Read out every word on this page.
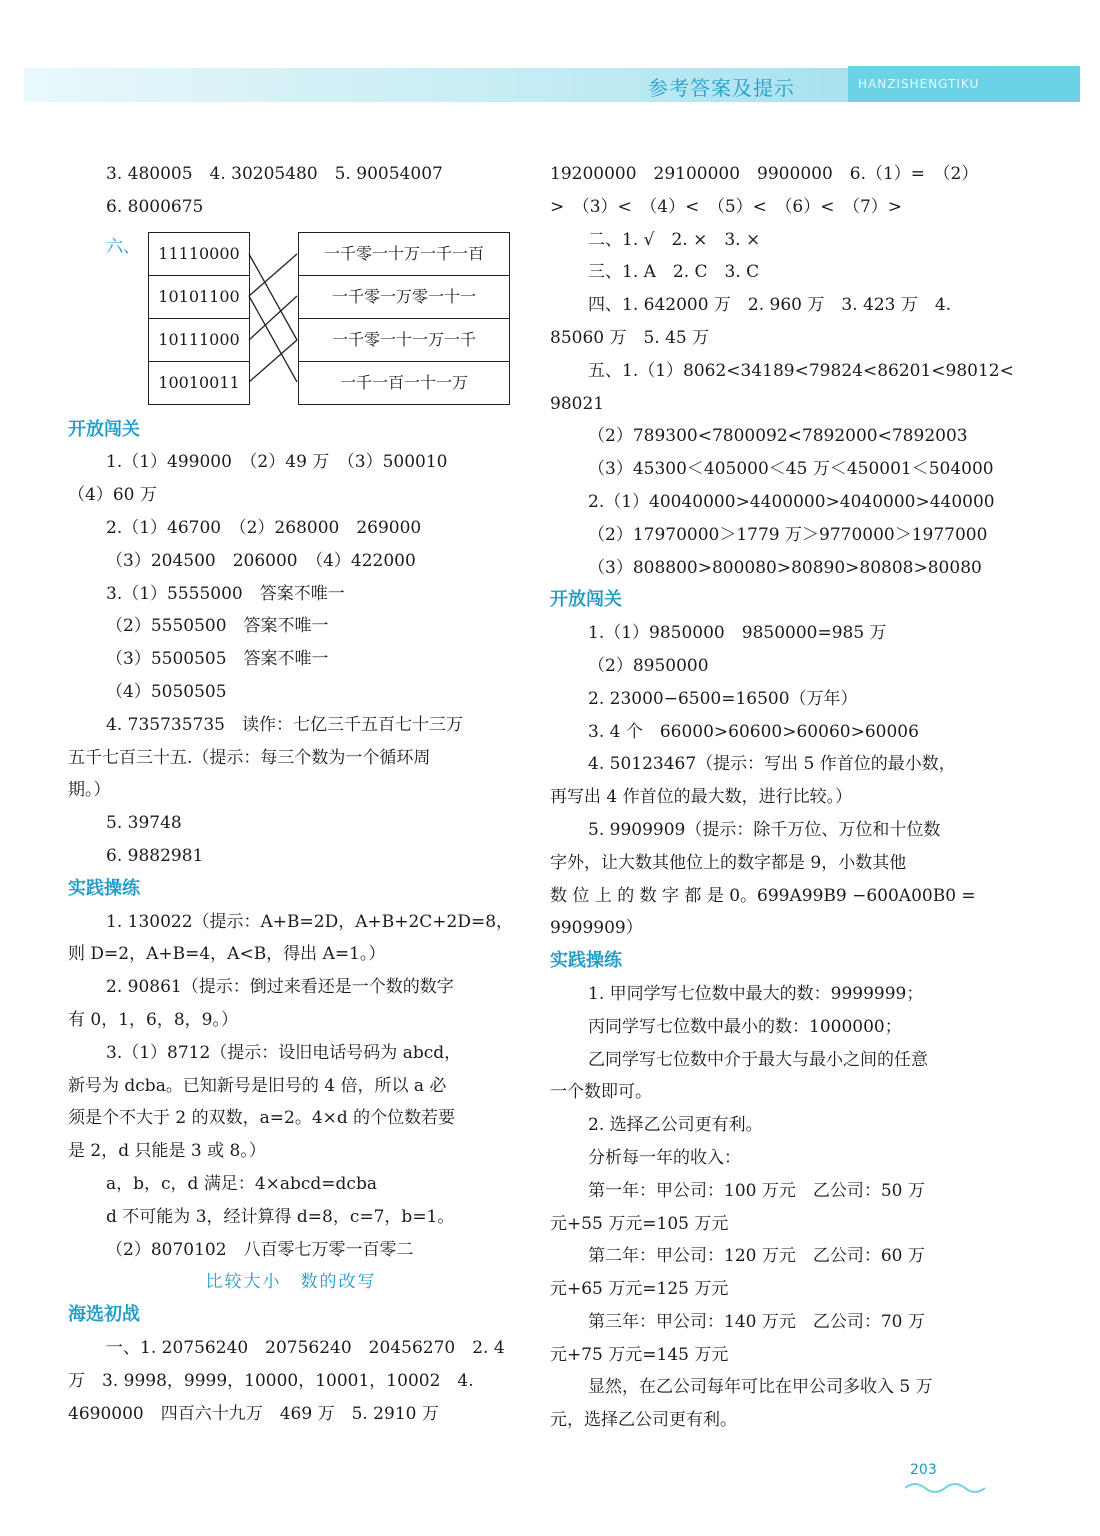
参考答案及提示	HANZISHENGTIKU
3. 480005　4. 30205480　5. 90054007
6. 8000675
六、	11110000
10101100
10111000
10010011
一千零一十万一千一百
一千零一万零一十一
一千零一十一万一千
一千一百一十一万
开放闯关
1.（1）499000　（2）49 万　（3）500010
（4）60 万
2.（1）46700　（2）268000　269000
（3）204500　206000　（4）422000
3.（1）5555000　答案不唯一
（2）5550500　答案不唯一
（3）5500505　答案不唯一
（4）5050505
4. 735735735　读作：七亿三千五百七十三万
五千七百三十五.（提示：每三个数为一个循环周
期。）
5. 39748
6. 9882981
实践操练
1. 130022（提示：A+B=2D，A+B+2C+2D=8，
则 D=2，A+B=4，A<B，得出 A=1。）
2. 90861（提示：倒过来看还是一个数的数字
有 0，1，6，8，9。）
3.（1）8712（提示：设旧电话号码为 abcd，
新号为 dcba。已知新号是旧号的 4 倍，所以 a 必
须是个不大于 2 的双数，a=2。4×d 的个位数若要
是 2，d 只能是 3 或 8。）
a，b，c，d 满足：4×abcd=dcba
d 不可能为 3，经计算得 d=8，c=7，b=1。
（2）8070102　八百零七万零一百零二
比较大小　数的改写
海选初战
一、1. 20756240　20756240　20456270　2. 4
万　3. 9998，9999，10000，10001，10002　4.
4690000　四百六十九万　469 万　5. 2910 万
19200000　29100000　9900000　6.（1）=　（2）
>　（3）<　（4）<　（5）<　（6）<　（7）>
二、1. √　2. ×　3. ×
三、1. A　2. C　3. C
四、1. 642000 万　2. 960 万　3. 423 万　4.
85060 万　5. 45 万
五、1.（1）8062<34189<79824<86201<98012<
98021
（2）789300<7800092<7892000<7892003
（3）45300＜405000＜45 万＜450001＜504000
2.（1）40040000>4400000>4040000>440000
（2）17970000＞1779 万＞9770000＞1977000
（3）808800>800080>80890>80808>80080
开放闯关
1.（1）9850000　9850000=985 万
（2）8950000
2. 23000−6500=16500（万年）
3. 4 个　66000>60600>60060>60006
4. 50123467（提示：写出 5 作首位的最小数，
再写出 4 作首位的最大数，进行比较。）
5. 9909909（提示：除千万位、万位和十位数
字外，让大数其他位上的数字都是 9，小数其他
数 位 上 的 数 字 都 是 0。699A99B9 −600A00B0 =
9909909）
实践操练
1. 甲同学写七位数中最大的数：9999999；
丙同学写七位数中最小的数：1000000；
乙同学写七位数中介于最大与最小之间的任意
一个数即可。
2. 选择乙公司更有利。
分析每一年的收入：
第一年：甲公司：100 万元　乙公司：50 万
元+55 万元=105 万元
第二年：甲公司：120 万元　乙公司：60 万
元+65 万元=125 万元
第三年：甲公司：140 万元　乙公司：70 万
元+75 万元=145 万元
显然，在乙公司每年可比在甲公司多收入 5 万
元，选择乙公司更有利。
203
